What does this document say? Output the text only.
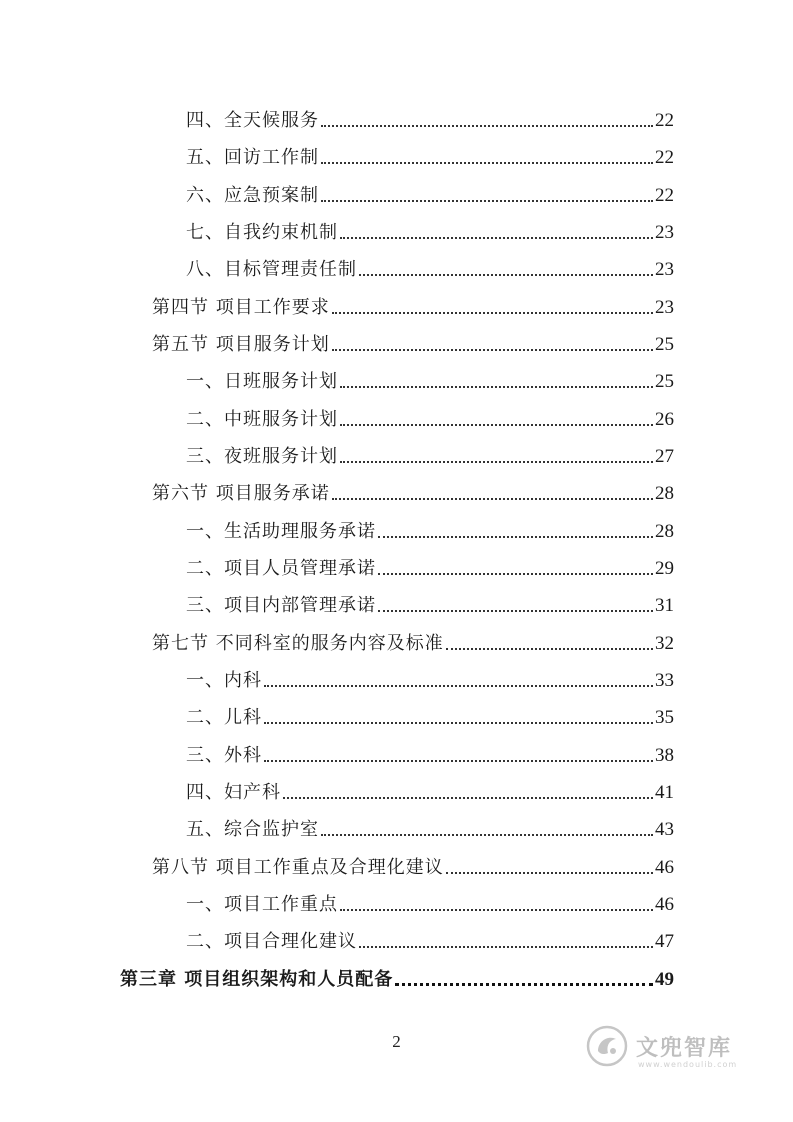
四、全天候服务	22
五、回访工作制	22
六、应急预案制	22
七、自我约束机制	23
八、目标管理责任制	23
第四节 项目工作要求	23
第五节 项目服务计划	25
一、日班服务计划	25
二、中班服务计划	26
三、夜班服务计划	27
第六节 项目服务承诺	28
一、生活助理服务承诺	28
二、项目人员管理承诺	29
三、项目内部管理承诺	31
第七节 不同科室的服务内容及标准	32
一、内科	33
二、儿科	35
三、外科	38
四、妇产科	41
五、综合监护室	43
第八节 项目工作重点及合理化建议	46
一、项目工作重点	46
二、项目合理化建议	47
第三章 项目组织架构和人员配备	49
2	文兜智库
www.wendoulib.com
